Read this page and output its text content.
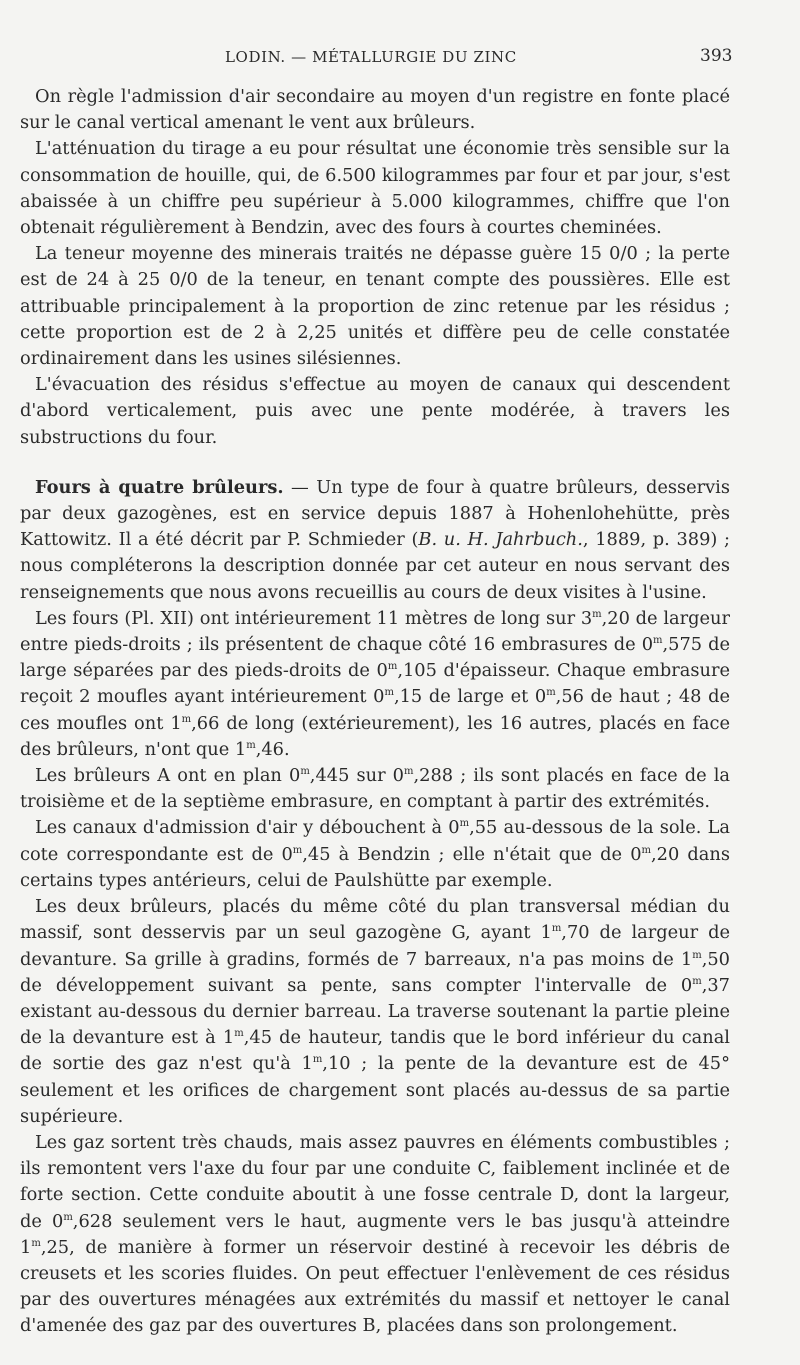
LODIN. — MÉTALLURGIE DU ZINC	393

On règle l'admission d'air secondaire au moyen d'un registre en fonte placé sur le canal vertical amenant le vent aux brûleurs.

L'atténuation du tirage a eu pour résultat une économie très sensible sur la consommation de houille, qui, de 6.500 kilogrammes par four et par jour, s'est abaissée à un chiffre peu supérieur à 5.000 kilogrammes, chiffre que l'on obtenait régulièrement à Bendzin, avec des fours à courtes cheminées.

La teneur moyenne des minerais traités ne dépasse guère 15 0/0 ; la perte est de 24 à 25 0/0 de la teneur, en tenant compte des poussières. Elle est attribuable principalement à la proportion de zinc retenue par les résidus ; cette proportion est de 2 à 2,25 unités et diffère peu de celle constatée ordinairement dans les usines silésiennes.

L'évacuation des résidus s'effectue au moyen de canaux qui descendent d'abord verticalement, puis avec une pente modérée, à travers les substructions du four.

Fours à quatre brûleurs. — Un type de four à quatre brûleurs, desservis par deux gazogènes, est en service depuis 1887 à Hohenlohehütte, près Kattowitz. Il a été décrit par P. Schmieder (B. u. H. Jahrbuch., 1889, p. 389) ; nous compléterons la description donnée par cet auteur en nous servant des renseignements que nous avons recueillis au cours de deux visites à l'usine.

Les fours (Pl. XII) ont intérieurement 11 mètres de long sur 3$^m$,20 de largeur entre pieds-droits ; ils présentent de chaque côté 16 embrasures de 0$^m$,575 de large séparées par des pieds-droits de 0$^m$,105 d'épaisseur. Chaque embrasure reçoit 2 moufles ayant intérieurement 0$^m$,15 de large et 0$^m$,56 de haut ; 48 de ces moufles ont 1$^m$,66 de long (extérieurement), les 16 autres, placés en face des brûleurs, n'ont que 1$^m$,46.

Les brûleurs A ont en plan 0$^m$,445 sur 0$^m$,288 ; ils sont placés en face de la troisième et de la septième embrasure, en comptant à partir des extrémités.

Les canaux d'admission d'air y débouchent à 0$^m$,55 au-dessous de la sole. La cote correspondante est de 0$^m$,45 à Bendzin ; elle n'était que de 0$^m$,20 dans certains types antérieurs, celui de Paulshütte par exemple.

Les deux brûleurs, placés du même côté du plan transversal médian du massif, sont desservis par un seul gazogène G, ayant 1$^m$,70 de largeur de devanture. Sa grille à gradins, formés de 7 barreaux, n'a pas moins de 1$^m$,50 de développement suivant sa pente, sans compter l'intervalle de 0$^m$,37 existant au-dessous du dernier barreau. La traverse soutenant la partie pleine de la devanture est à 1$^m$,45 de hauteur, tandis que le bord inférieur du canal de sortie des gaz n'est qu'à 1$^m$,10 ; la pente de la devanture est de 45° seulement et les orifices de chargement sont placés au-dessus de sa partie supérieure.

Les gaz sortent très chauds, mais assez pauvres en éléments combustibles ; ils remontent vers l'axe du four par une conduite C, faiblement inclinée et de forte section. Cette conduite aboutit à une fosse centrale D, dont la largeur, de 0$^m$,628 seulement vers le haut, augmente vers le bas jusqu'à atteindre 1$^m$,25, de manière à former un réservoir destiné à recevoir les débris de creusets et les scories fluides. On peut effectuer l'enlèvement de ces résidus par des ouvertures ménagées aux extrémités du massif et nettoyer le canal d'amenée des gaz par des ouvertures B, placées dans son prolongement.
